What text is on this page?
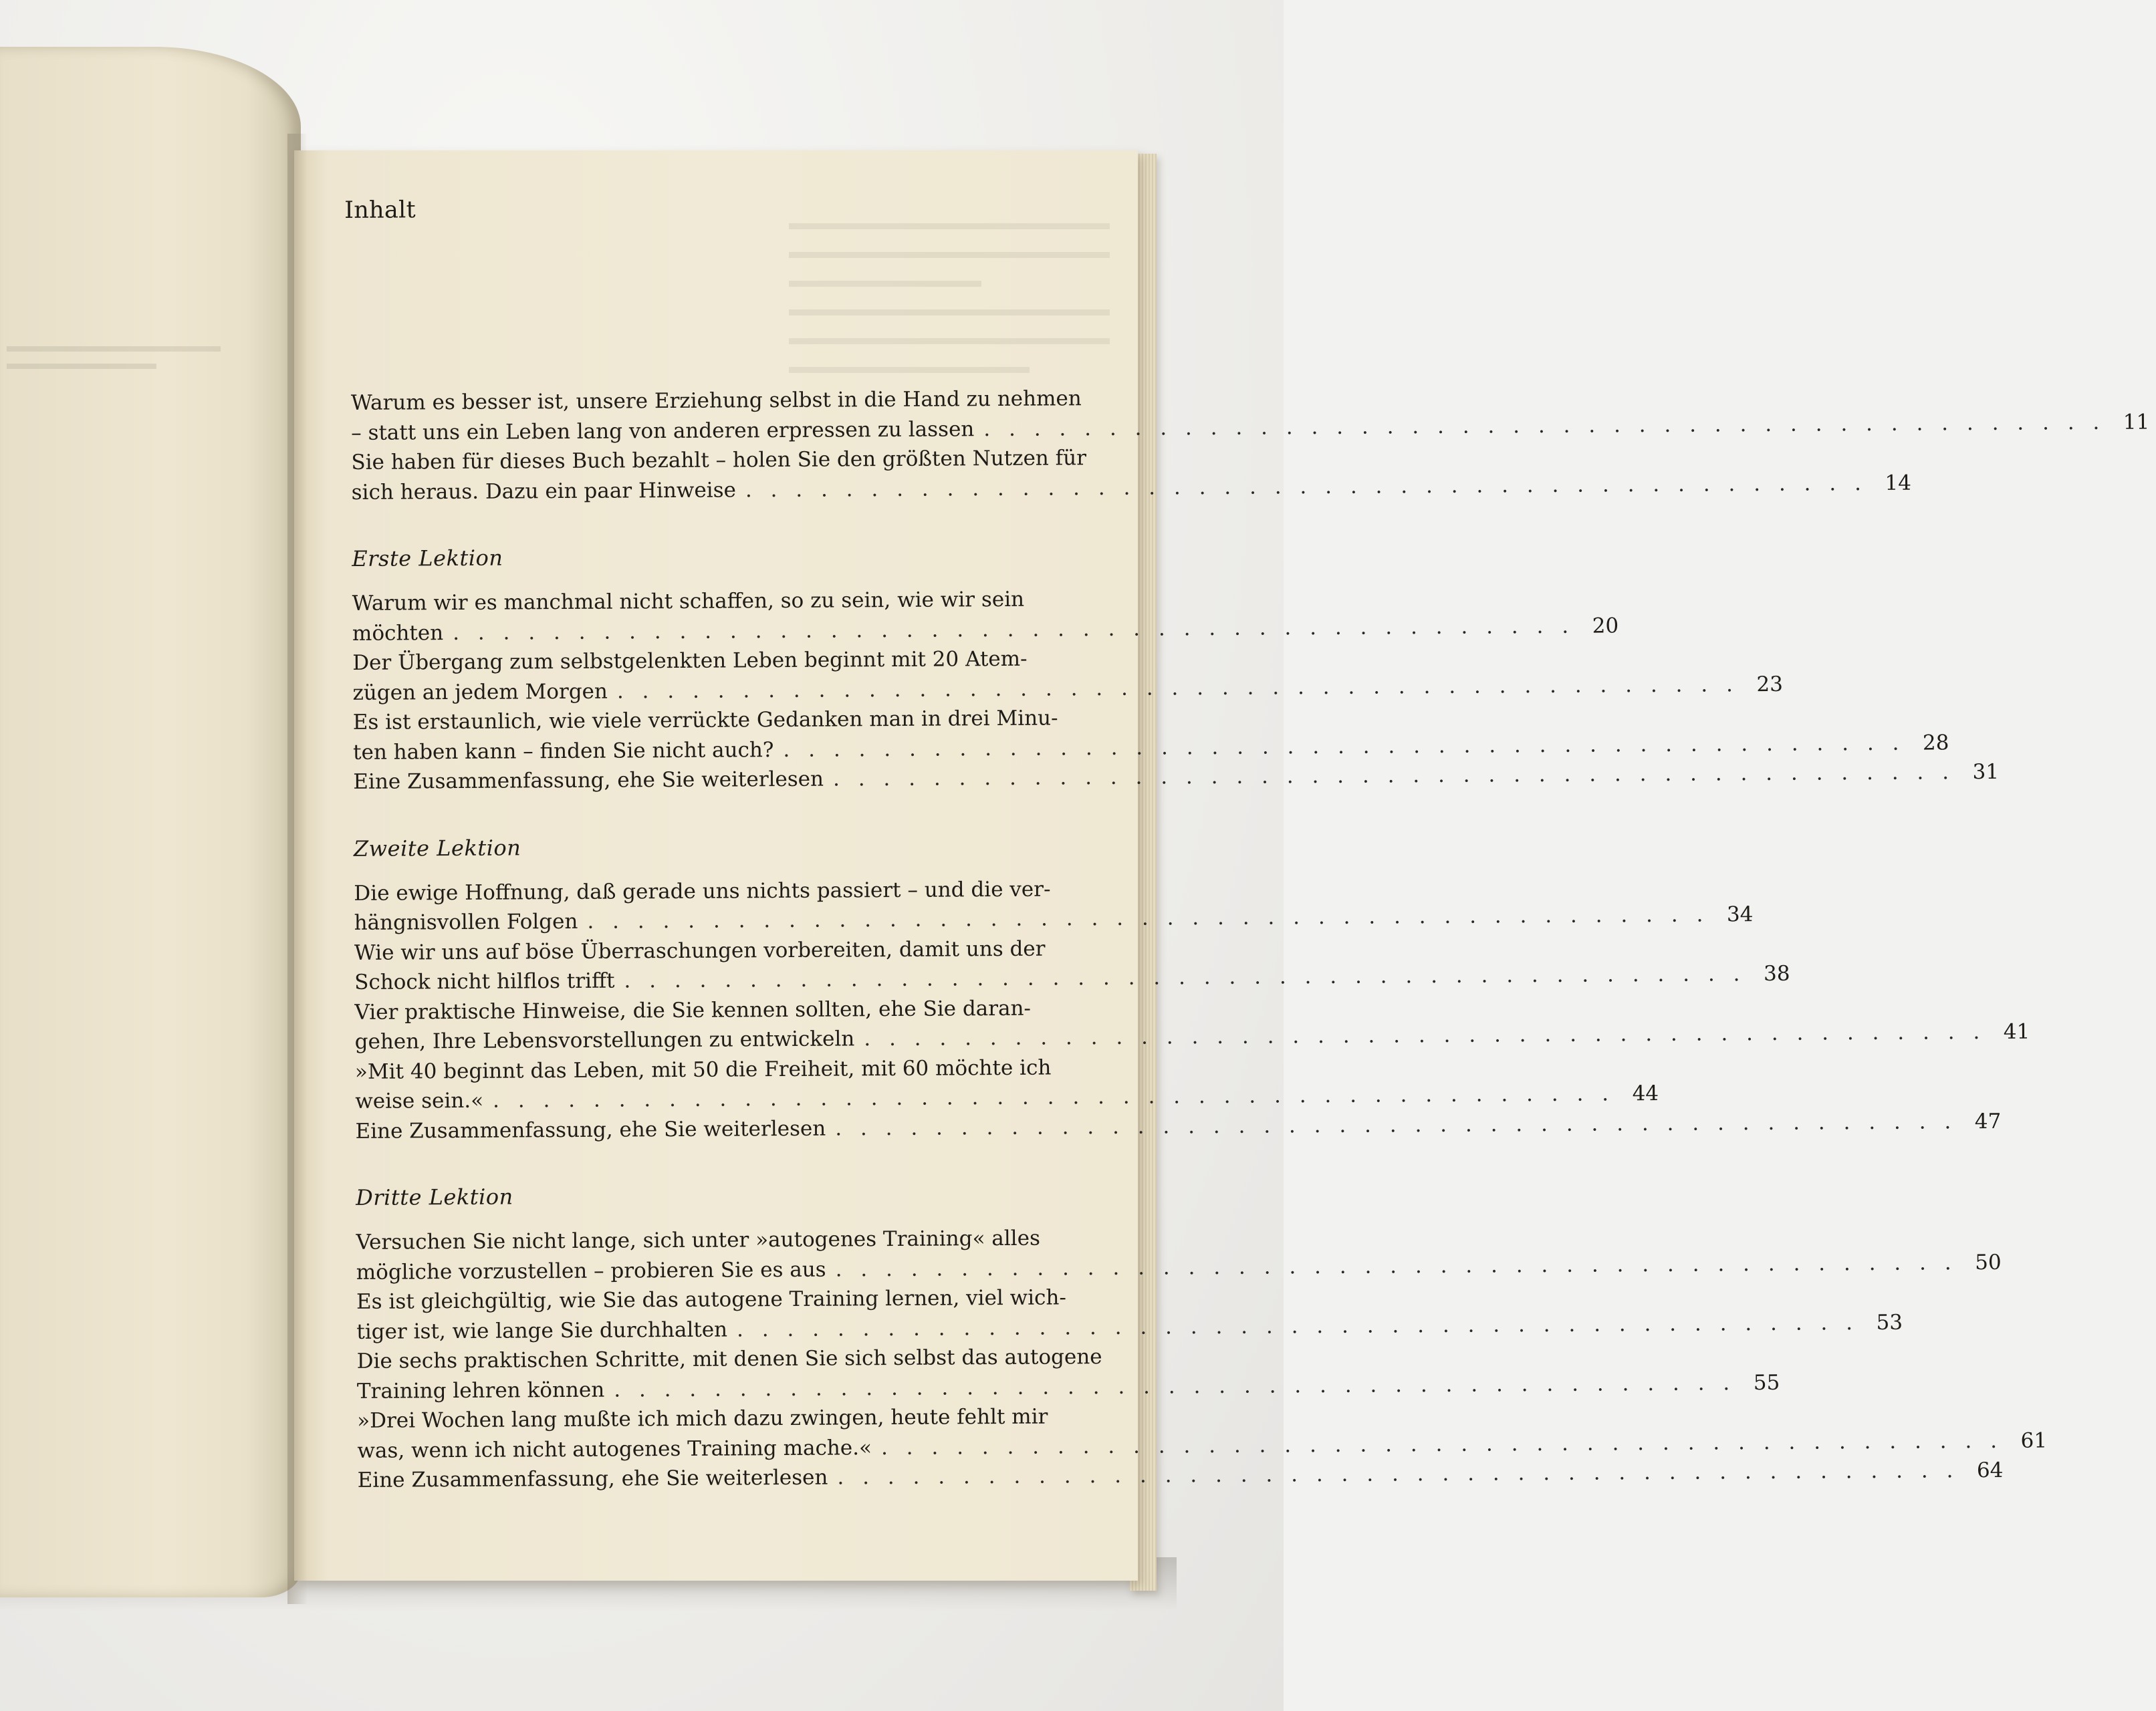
Inhalt
Warum es besser ist, unsere Erziehung selbst in die Hand zu nehmen
– statt uns ein Leben lang von anderen erpressen zu lassen . . . . . . . . . . . . . . . . . . . . . . . . . . . . . . . . . . . . . . . . . . . . . 11
Sie haben für dieses Buch bezahlt – holen Sie den größten Nutzen für
sich heraus. Dazu ein paar Hinweise . . . . . . . . . . . . . . . . . . . . . . . . . . . . . . . . . . . . . . . . . . . . . 14
Erste Lektion
Warum wir es manchmal nicht schaffen, so zu sein, wie wir sein
möchten . . . . . . . . . . . . . . . . . . . . . . . . . . . . . . . . . . . . . . . . . . . . . 20
Der Übergang zum selbstgelenkten Leben beginnt mit 20 Atem-
zügen an jedem Morgen . . . . . . . . . . . . . . . . . . . . . . . . . . . . . . . . . . . . . . . . . . . . . 23
Es ist erstaunlich, wie viele verrückte Gedanken man in drei Minu-
ten haben kann – finden Sie nicht auch? . . . . . . . . . . . . . . . . . . . . . . . . . . . . . . . . . . . . . . . . . . . . . 28
Eine Zusammenfassung, ehe Sie weiterlesen . . . . . . . . . . . . . . . . . . . . . . . . . . . . . . . . . . . . . . . . . . . . . 31
Zweite Lektion
Die ewige Hoffnung, daß gerade uns nichts passiert – und die ver-
hängnisvollen Folgen . . . . . . . . . . . . . . . . . . . . . . . . . . . . . . . . . . . . . . . . . . . . . 34
Wie wir uns auf böse Überraschungen vorbereiten, damit uns der
Schock nicht hilflos trifft . . . . . . . . . . . . . . . . . . . . . . . . . . . . . . . . . . . . . . . . . . . . . 38
Vier praktische Hinweise, die Sie kennen sollten, ehe Sie daran-
gehen, Ihre Lebensvorstellungen zu entwickeln . . . . . . . . . . . . . . . . . . . . . . . . . . . . . . . . . . . . . . . . . . . . . 41
»Mit 40 beginnt das Leben, mit 50 die Freiheit, mit 60 möchte ich
weise sein.« . . . . . . . . . . . . . . . . . . . . . . . . . . . . . . . . . . . . . . . . . . . . . 44
Eine Zusammenfassung, ehe Sie weiterlesen . . . . . . . . . . . . . . . . . . . . . . . . . . . . . . . . . . . . . . . . . . . . . 47
Dritte Lektion
Versuchen Sie nicht lange, sich unter »autogenes Training« alles
mögliche vorzustellen – probieren Sie es aus . . . . . . . . . . . . . . . . . . . . . . . . . . . . . . . . . . . . . . . . . . . . . 50
Es ist gleichgültig, wie Sie das autogene Training lernen, viel wich-
tiger ist, wie lange Sie durchhalten . . . . . . . . . . . . . . . . . . . . . . . . . . . . . . . . . . . . . . . . . . . . . 53
Die sechs praktischen Schritte, mit denen Sie sich selbst das autogene
Training lehren können . . . . . . . . . . . . . . . . . . . . . . . . . . . . . . . . . . . . . . . . . . . . . 55
»Drei Wochen lang mußte ich mich dazu zwingen, heute fehlt mir
was, wenn ich nicht autogenes Training mache.« . . . . . . . . . . . . . . . . . . . . . . . . . . . . . . . . . . . . . . . . . . . . . 61
Eine Zusammenfassung, ehe Sie weiterlesen . . . . . . . . . . . . . . . . . . . . . . . . . . . . . . . . . . . . . . . . . . . . . 64
